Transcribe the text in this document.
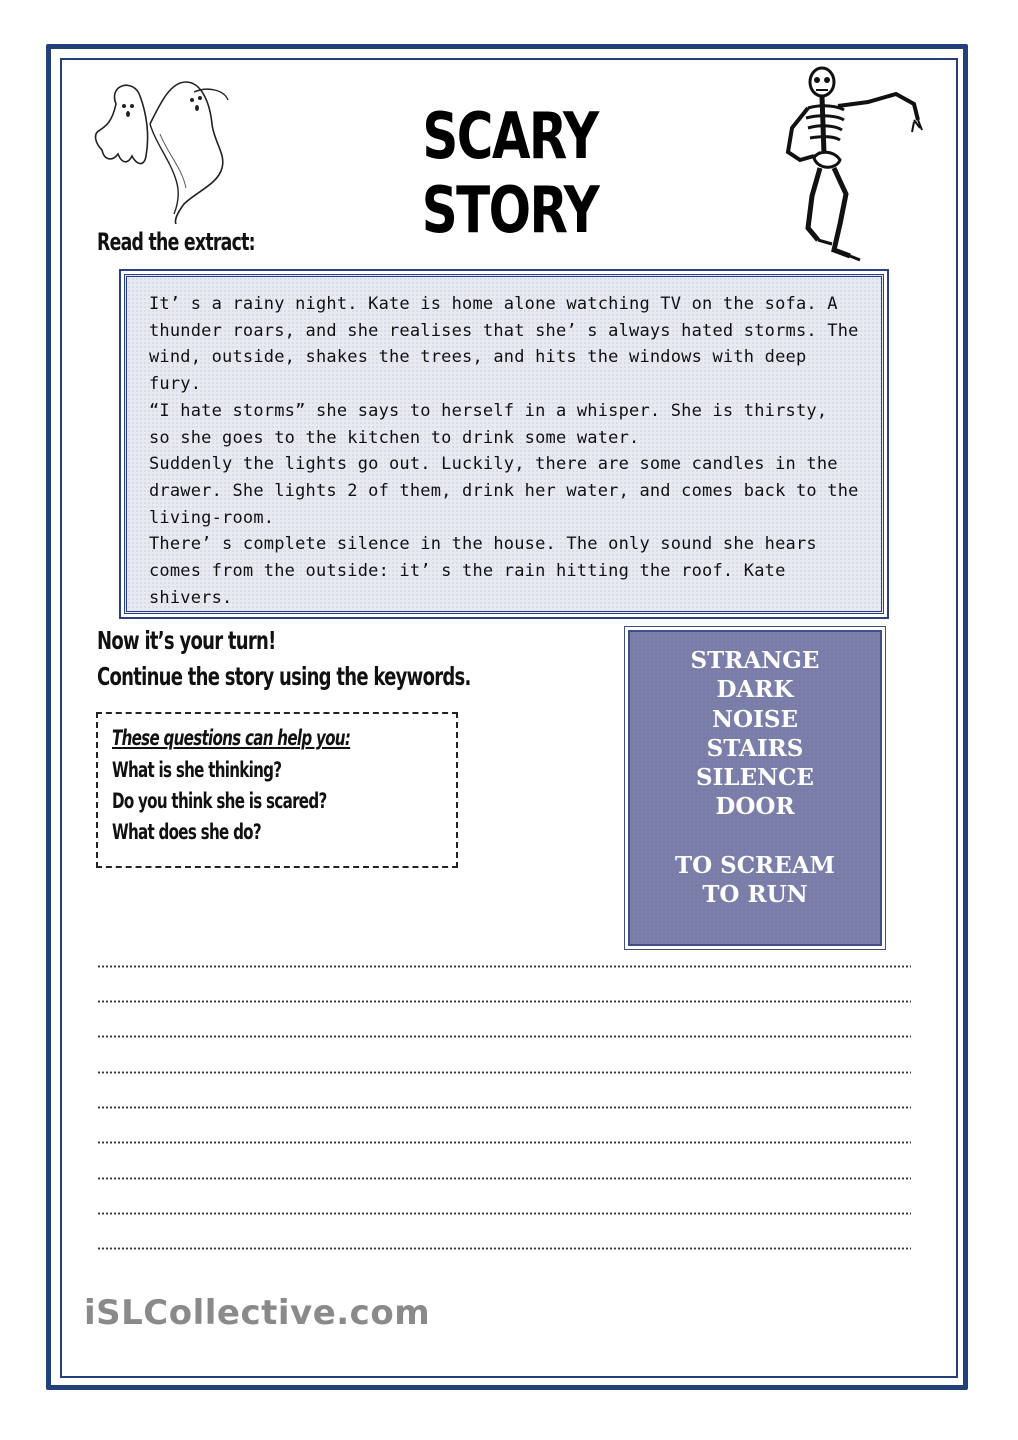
SCARY STORY
Read the extract:
It’ s a rainy night. Kate is home alone watching TV on the sofa. A
thunder roars, and she realises that she’ s always hated storms. The
wind, outside, shakes the trees, and hits the windows with deep fury.
“I hate storms” she says to herself in a whisper. She is thirsty,
so she goes to the kitchen to drink some water.
Suddenly the lights go out. Luckily, there are some candles in the
drawer. She lights 2 of them, drink her water, and comes back to the
living-room.
There’ s complete silence in the house. The only sound she hears
comes from the outside: it’ s the rain hitting the roof. Kate
shivers.
Now it’s your turn!
Continue the story using the keywords.
These questions can help you:
What is she thinking?
Do you think she is scared?
What does she do?
STRANGE
DARK
NOISE
STAIRS
SILENCE
DOOR
TO SCREAM
TO RUN
iSLCollective.com
